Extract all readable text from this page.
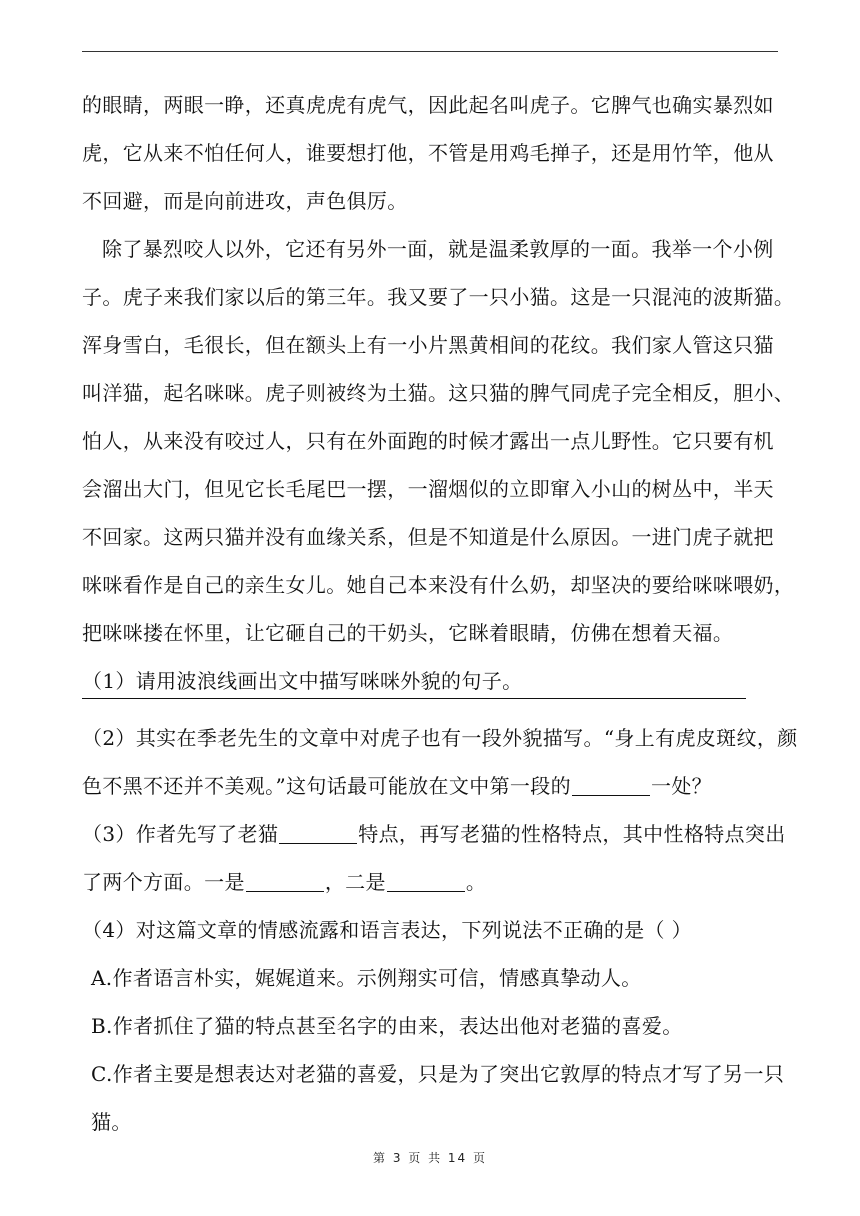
的眼睛，两眼一睁，还真虎虎有虎气，因此起名叫虎子。它脾气也确实暴烈如
虎，它从来不怕任何人，谁要想打他，不管是用鸡毛掸子，还是用竹竿，他从
不回避，而是向前进攻，声色俱厉。
除了暴烈咬人以外，它还有另外一面，就是温柔敦厚的一面。我举一个小例
子。虎子来我们家以后的第三年。我又要了一只小猫。这是一只混沌的波斯猫。
浑身雪白，毛很长，但在额头上有一小片黑黄相间的花纹。我们家人管这只猫
叫洋猫，起名咪咪。虎子则被终为土猫。这只猫的脾气同虎子完全相反，胆小、
怕人，从来没有咬过人，只有在外面跑的时候才露出一点儿野性。它只要有机
会溜出大门，但见它长毛尾巴一摆，一溜烟似的立即窜入小山的树丛中，半天
不回家。这两只猫并没有血缘关系，但是不知道是什么原因。一进门虎子就把
咪咪看作是自己的亲生女儿。她自己本来没有什么奶，却坚决的要给咪咪喂奶，
把咪咪搂在怀里，让它砸自己的干奶头，它眯着眼睛，仿佛在想着天福。
（1）请用波浪线画出文中描写咪咪外貌的句子。
（2）其实在季老先生的文章中对虎子也有一段外貌描写。“身上有虎皮斑纹，颜
色不黑不还并不美观。”这句话最可能放在文中第一段的	一处？
（3）作者先写了老猫	特点，再写老猫的性格特点，其中性格特点突出
了两个方面。一是	，二是	。
（4）对这篇文章的情感流露和语言表达，下列说法不正确的是（ ）
A.作者语言朴实，娓娓道来。示例翔实可信，情感真挚动人。
B.作者抓住了猫的特点甚至名字的由来，表达出他对老猫的喜爱。
C.作者主要是想表达对老猫的喜爱，只是为了突出它敦厚的特点才写了另一只
猫。
第 3 页 共 14 页
